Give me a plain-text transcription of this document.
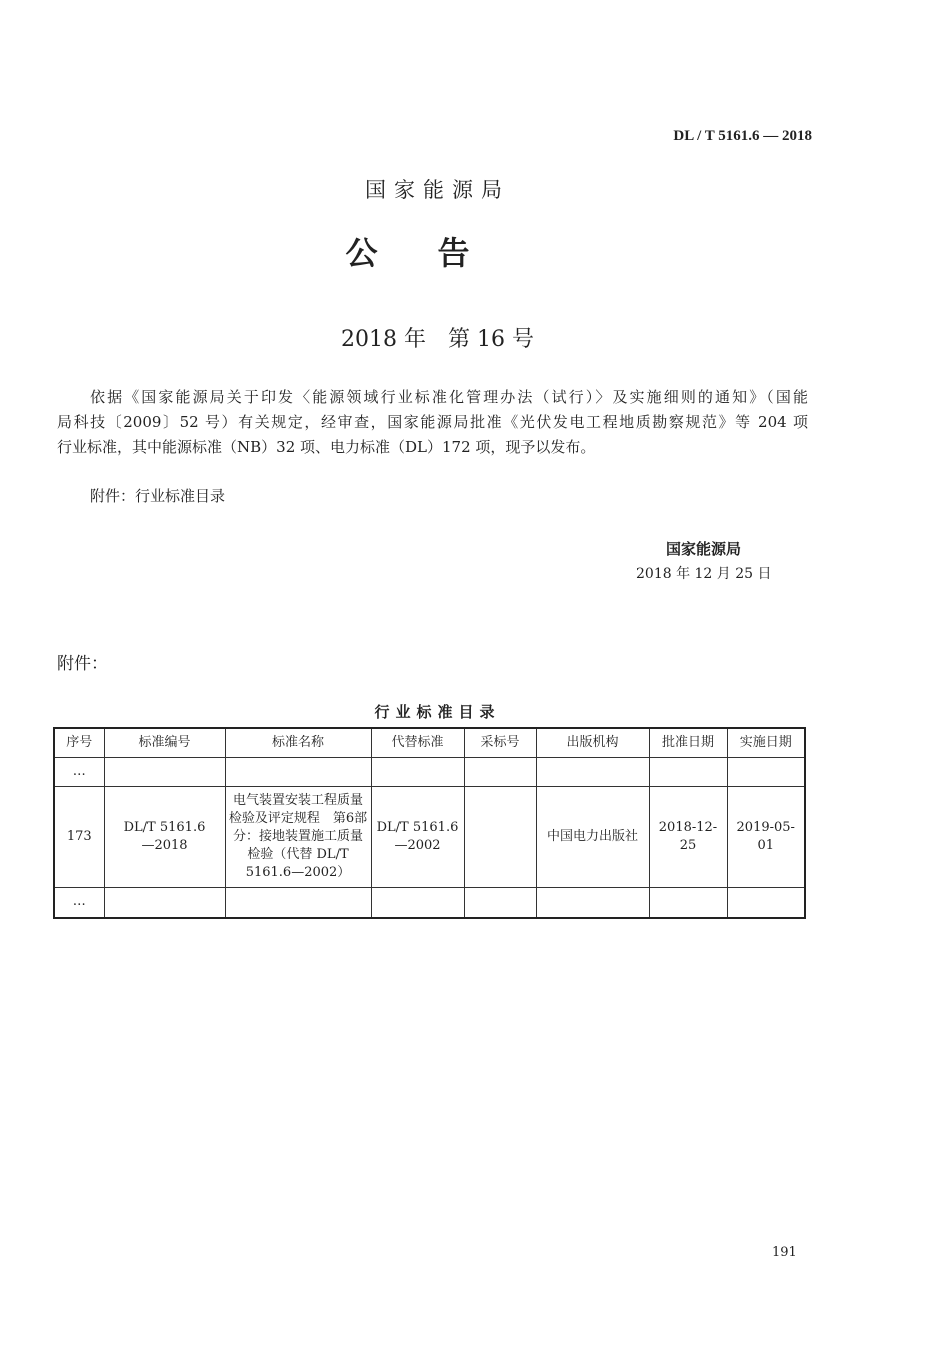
DL / T 5161.6 — 2018
国家能源局
公告
2018 年　第 16 号
依据《国家能源局关于印发〈能源领域行业标准化管理办法（试行）〉及实施细则的通知》（国能
局科技〔2009〕52 号）有关规定，经审查，国家能源局批准《光伏发电工程地质勘察规范》等 204 项
行业标准，其中能源标准（NB）32 项、电力标准（DL）172 项，现予以发布。
附件：行业标准目录
国家能源局
2018 年 12 月 25 日
附件：
行业标准目录
序号	标准编号	标准名称	代替标准	采标号	出版机构	批准日期	实施日期
…							
173	DL/T 5161.6—2018	电气装置安装工程质量检验及评定规程　第6部分：接地装置施工质量检验（代替 DL/T 5161.6—2002）	DL/T 5161.6—2002		中国电力出版社	2018-12-25	2019-05-01
…							
191
